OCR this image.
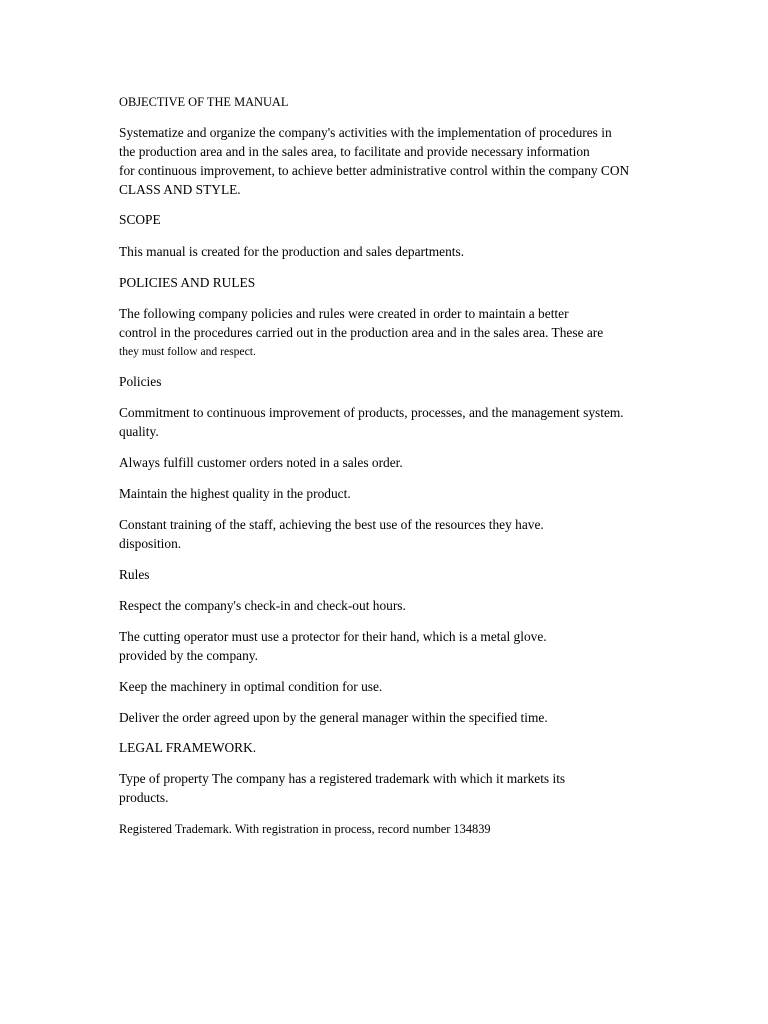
OBJECTIVE OF THE MANUAL
Systematize and organize the company's activities with the implementation of procedures in
the production area and in the sales area, to facilitate and provide necessary information
for continuous improvement, to achieve better administrative control within the company CON
CLASS AND STYLE.
SCOPE
This manual is created for the production and sales departments.
POLICIES AND RULES
The following company policies and rules were created in order to maintain a better
control in the procedures carried out in the production area and in the sales area. These are
they must follow and respect.
Policies
Commitment to continuous improvement of products, processes, and the management system.
quality.
Always fulfill customer orders noted in a sales order.
Maintain the highest quality in the product.
Constant training of the staff, achieving the best use of the resources they have.
disposition.
Rules
Respect the company's check-in and check-out hours.
The cutting operator must use a protector for their hand, which is a metal glove.
provided by the company.
Keep the machinery in optimal condition for use.
Deliver the order agreed upon by the general manager within the specified time.
LEGAL FRAMEWORK.
Type of property The company has a registered trademark with which it markets its
products.
Registered Trademark. With registration in process, record number 134839
